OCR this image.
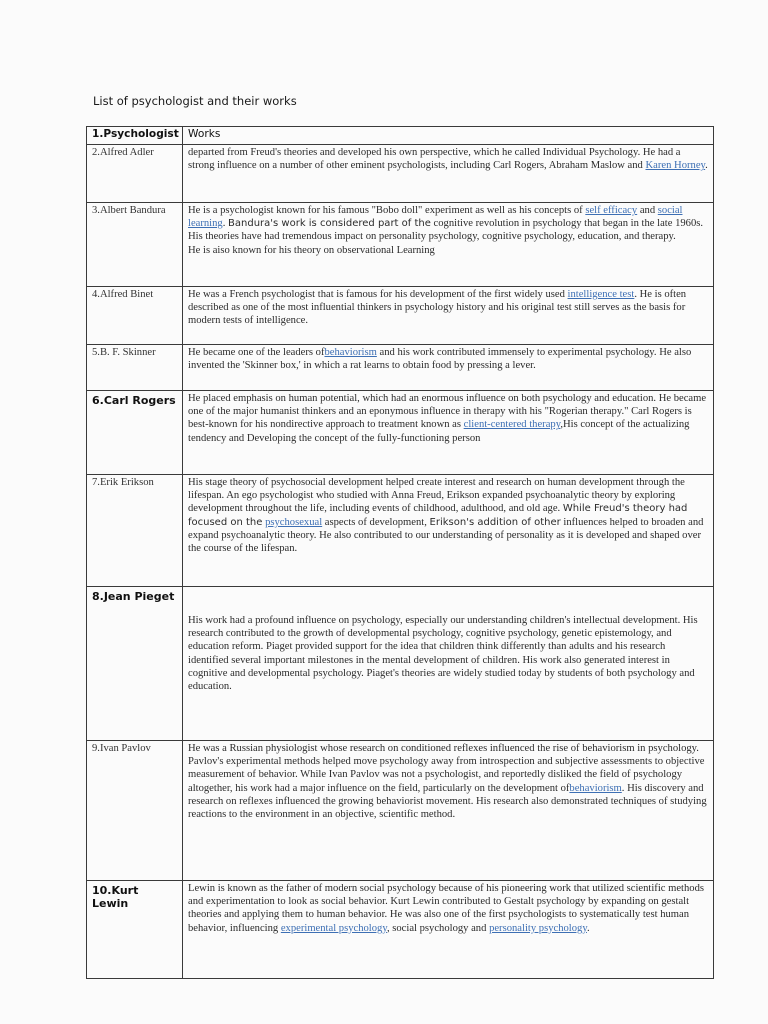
List of psychologist and their works
1.Psychologist	Works
2.Alfred Adler	departed from Freud's theories and developed his own perspective, which he called Individual Psychology. He had a strong influence on a number of other eminent psychologists, including Carl Rogers, Abraham Maslow and Karen Horney.
3.Albert Bandura	He is a psychologist known for his famous "Bobo doll" experiment as well as his concepts of self efficacy and social learning. Bandura's work is considered part of the cognitive revolution in psychology that began in the late 1960s. His theories have had tremendous impact on personality psychology, cognitive psychology, education, and therapy.
He is aiso known for his theory on observational Learning
4.Alfred Binet	He was a French psychologist that is famous for his development of the first widely used intelligence test. He is often described as one of the most influential thinkers in psychology history and his original test still serves as the basis for modern tests of intelligence.
5.B. F. Skinner	He became one of the leaders ofbehaviorism and his work contributed immensely to experimental psychology. He also invented the 'Skinner box,' in which a rat learns to obtain food by pressing a lever.
6.Carl Rogers	He placed emphasis on human potential, which had an enormous influence on both psychology and education. He became one of the major humanist thinkers and an eponymous influence in therapy with his "Rogerian therapy." Carl Rogers is best-known for his nondirective approach to treatment known as client-centered therapy,His concept of the actualizing tendency and Developing the concept of the fully-functioning person
7.Erik Erikson	His stage theory of psychosocial development helped create interest and research on human development through the lifespan. An ego psychologist who studied with Anna Freud, Erikson expanded psychoanalytic theory by exploring development throughout the life, including events of childhood, adulthood, and old age. While Freud's theory had focused on the psychosexual aspects of development, Erikson's addition of other influences helped to broaden and expand psychoanalytic theory. He also contributed to our understanding of personality as it is developed and shaped over the course of the lifespan.
8.Jean Pieget	His work had a profound influence on psychology, especially our understanding children's intellectual development. His research contributed to the growth of developmental psychology, cognitive psychology, genetic epistemology, and education reform. Piaget provided support for the idea that children think differently than adults and his research identified several important milestones in the mental development of children. His work also generated interest in cognitive and developmental psychology. Piaget's theories are widely studied today by students of both psychology and education.
9.Ivan Pavlov	He was a Russian physiologist whose research on conditioned reflexes influenced the rise of behaviorism in psychology. Pavlov's experimental methods helped move psychology away from introspection and subjective assessments to objective measurement of behavior. While Ivan Pavlov was not a psychologist, and reportedly disliked the field of psychology altogether, his work had a major influence on the field, particularly on the development ofbehaviorism. His discovery and research on reflexes influenced the growing behaviorist movement. His research also demonstrated techniques of studying reactions to the environment in an objective, scientific method.
10.Kurt Lewin	Lewin is known as the father of modern social psychology because of his pioneering work that utilized scientific methods and experimentation to look as social behavior. Kurt Lewin contributed to Gestalt psychology by expanding on gestalt theories and applying them to human behavior. He was also one of the first psychologists to systematically test human behavior, influencing experimental psychology, social psychology and personality psychology.
